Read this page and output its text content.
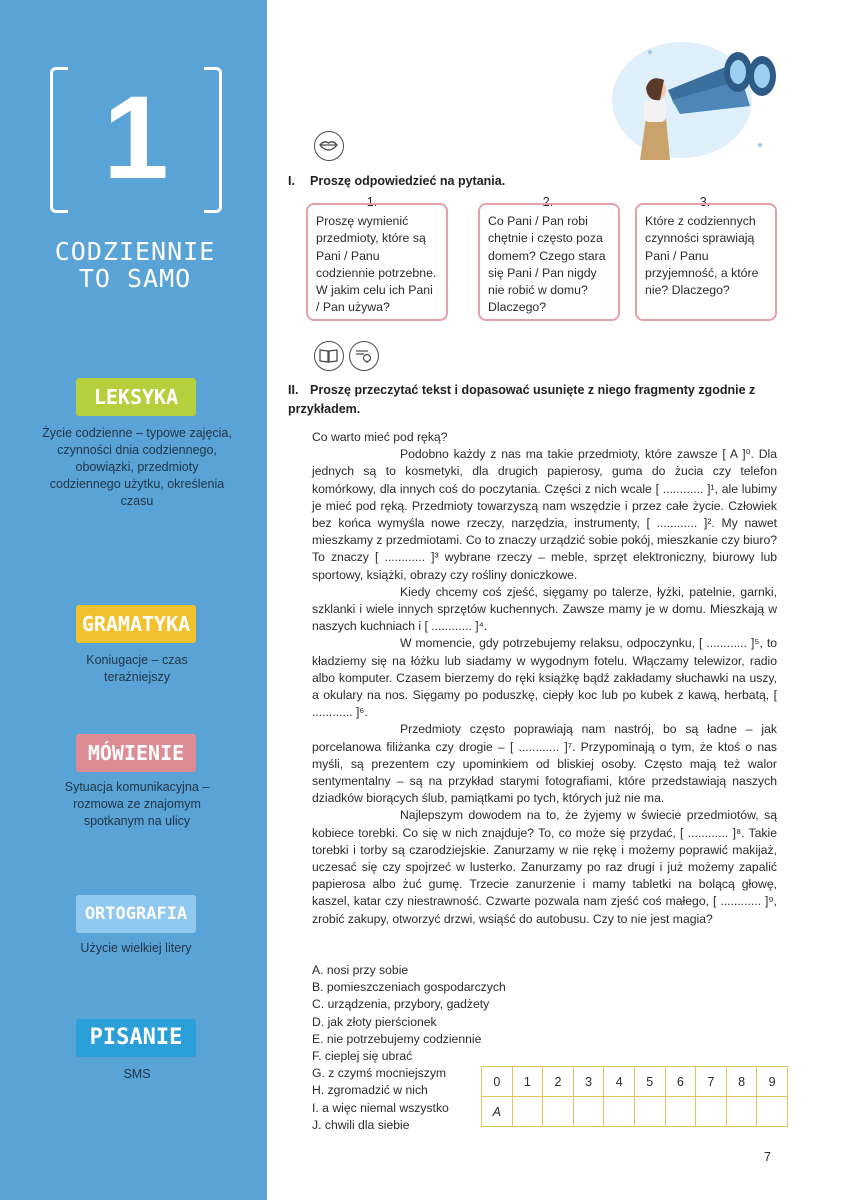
1
CODZIENNIE
TO SAMO
LEKSYKA
Życie codzienne – typowe zajęcia, czynności dnia codziennego, obowiązki, przedmioty codziennego użytku, określenia czasu
GRAMATYKA
Koniugacje – czas teraźniejszy
MÓWIENIE
Sytuacja komunikacyjna – rozmowa ze znajomym spotkanym na ulicy
ORTOGRAFIA
Użycie wielkiej litery
PISANIE
SMS
I. Proszę odpowiedzieć na pytania.
1.
Proszę wymienić przedmioty, które są Pani / Panu codziennie potrzebne. W jakim celu ich Pani / Pan używa?
2.
Co Pani / Pan robi chętnie i często poza domem? Czego stara się Pani / Pan nigdy nie robić w domu? Dlaczego?
3.
Które z codziennych czynności sprawiają Pani / Panu przyjemność, a które nie? Dlaczego?
II. Proszę przeczytać tekst i dopasować usunięte z niego fragmenty zgodnie z przykładem.

Co warto mieć pod ręką?

Podobno każdy z nas ma takie przedmioty, które zawsze [ A ]⁰. Dla jednych są to kosmetyki, dla drugich papierosy, guma do żucia czy telefon komórkowy, dla innych coś do poczytania. Części z nich wcale [ ............ ]¹, ale lubimy je mieć pod ręką. Przedmioty towarzyszą nam wszędzie i przez całe życie. Człowiek bez końca wymyśla nowe rzeczy, narzędzia, instrumenty, [ ............ ]². My nawet mieszkamy z przedmiotami. Co to znaczy urządzić sobie pokój, mieszkanie czy biuro? To znaczy [ ............ ]³ wybrane rzeczy – meble, sprzęt elektroniczny, biurowy lub sportowy, książki, obrazy czy rośliny doniczkowe.

Kiedy chcemy coś zjeść, sięgamy po talerze, łyżki, patelnie, garnki, szklanki i wiele innych sprzętów kuchennych. Zawsze mamy je w domu. Mieszkają w naszych kuchniach i [ ............ ]⁴.

W momencie, gdy potrzebujemy relaksu, odpoczynku, [ ............ ]⁵, to kładziemy się na łóżku lub siadamy w wygodnym fotelu. Włączamy telewizor, radio albo komputer. Czasem bierzemy do ręki książkę bądź zakładamy słuchawki na uszy, a okulary na nos. Sięgamy po poduszkę, ciepły koc lub po kubek z kawą, herbatą, [ ............ ]⁶.

Przedmioty często poprawiają nam nastrój, bo są ładne – jak porcelanowa filiżanka czy drogie – [ ............ ]⁷. Przypominają o tym, że ktoś o nas myśli, są prezentem czy upominkiem od bliskiej osoby. Często mają też walor sentymentalny – są na przykład starymi fotografiami, które przedstawiają naszych dziadków biorących ślub, pamiątkami po tych, których już nie ma.

Najlepszym dowodem na to, że żyjemy w świecie przedmiotów, są kobiece torebki. Co się w nich znajduje? To, co może się przydać, [ ............ ]⁸. Takie torebki i torby są czarodziejskie. Zanurzamy w nie rękę i możemy poprawić makijaż, uczesać się czy spojrzeć w lusterko. Zanurzamy po raz drugi i już możemy zapalić papierosa albo żuć gumę. Trzecie zanurzenie i mamy tabletki na bolącą głowę, kaszel, katar czy niestrawność. Czwarte pozwala nam zjeść coś małego, [ ............ ]⁹, zrobić zakupy, otworzyć drzwi, wsiąść do autobusu. Czy to nie jest magia?

A. nosi przy sobie
B. pomieszczeniach gospodarczych
C. urządzenia, przybory, gadżety
D. jak złoty pierścionek
E. nie potrzebujemy codziennie
F. cieplej się ubrać
G. z czymś mocniejszym
H. zgromadzić w nich
I. a więc niemal wszystko
J. chwili dla siebie
0	1	2	3	4	5	6	7	8	9
A									
7
